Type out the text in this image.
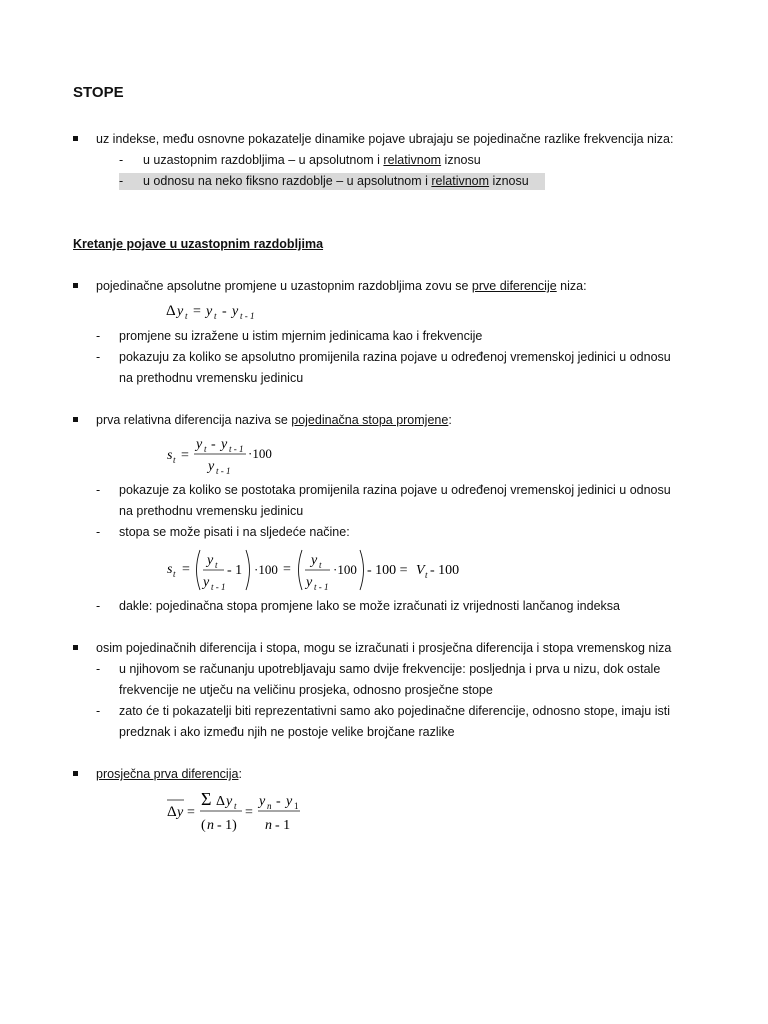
STOPE
uz indekse, među osnovne pokazatelje dinamike pojave ubrajaju se pojedinačne razlike frekvencija niza:
- u uzastopnim razdobljima – u apsolutnom i relativnom iznosu
- u odnosu na neko fiksno razdoblje – u apsolutnom i relativnom iznosu
Kretanje pojave u uzastopnim razdobljima
pojedinačne apsolutne promjene u uzastopnim razdobljima zovu se prve diferencije niza:
Δ y t = y t - y t - 1
- promjene su izražene u istim mjernim jedinicama kao i frekvencije
- pokazuju za koliko se apsolutno promijenila razina pojave u određenoj vremenskoj jedinici u odnosu
na prethodnu vremensku jedinicu
prva relativna diferencija naziva se pojedinačna stopa promjene:
s t =
y t - y t - 1
y t - 1
·100
- pokazuje za koliko se postotaka promijenila razina pojave u određenoj vremenskoj jedinici u odnosu
na prethodnu vremensku jedinicu
- stopa se može pisati i na sljedeće načine:
s t =
y t
y t - 1
- 1 ·100 =
y t
y t - 1
·100 - 100 = V t - 100
- dakle: pojedinačna stopa promjene lako se može izračunati iz vrijednosti lančanog indeksa
osim pojedinačnih diferencija i stopa, mogu se izračunati i prosječna diferencija i stopa vremenskog niza
- u njihovom se računanju upotrebljavaju samo dvije frekvencije: posljednja i prva u nizu, dok ostale
frekvencije ne utječu na veličinu prosjeka, odnosno prosječne stope
- zato će ti pokazatelji biti reprezentativni samo ako pojedinačne diferencije, odnosno stope, imaju isti
predznak i ako između njih ne postoje velike brojčane razlike
prosječna prva diferencija:
Δ y =
Σ Δ y t
( n - 1)
=
y n - y 1
n - 1
